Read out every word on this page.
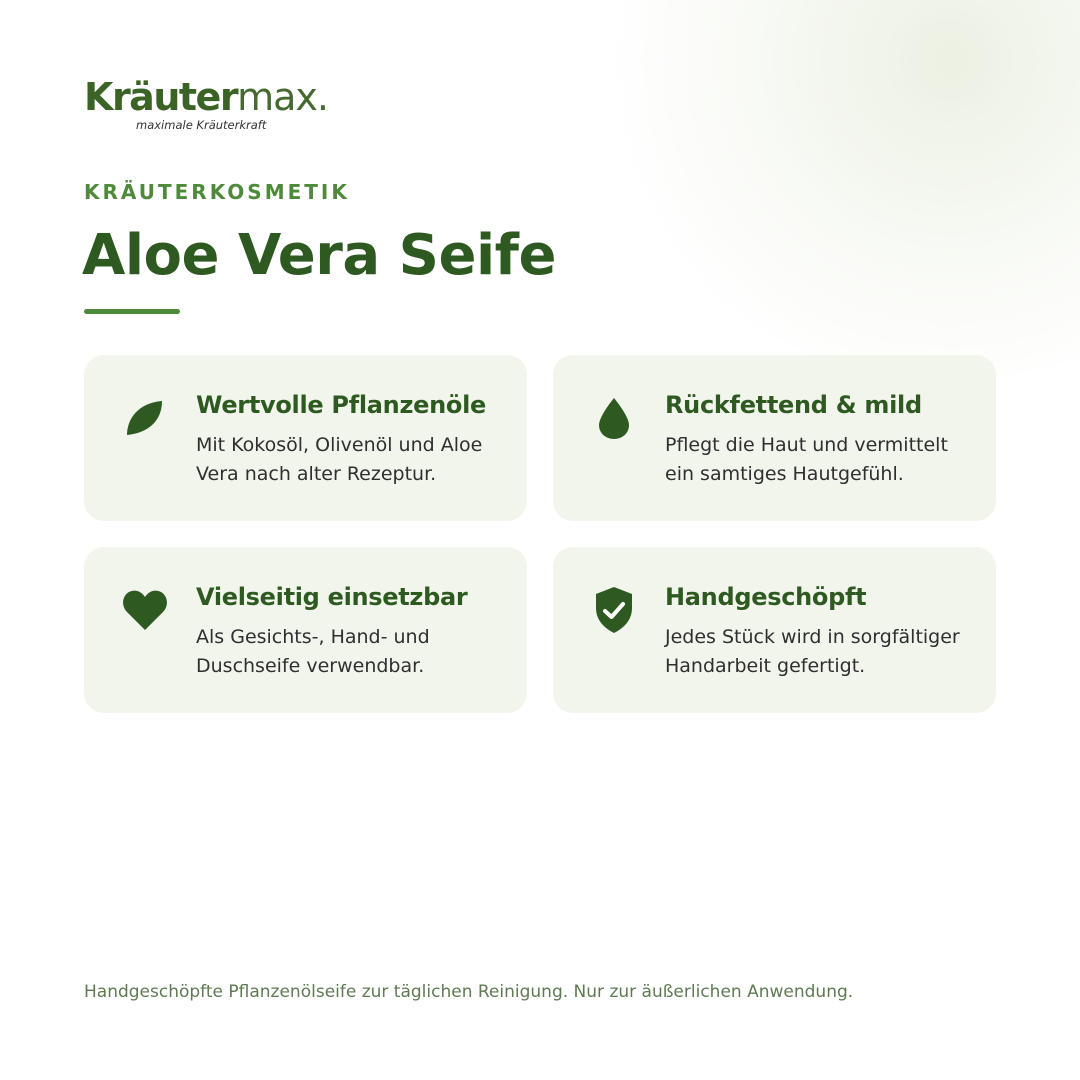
Kräutermax.
maximale Kräuterkraft
KRÄUTERKOSMETIK
Aloe Vera Seife
Wertvolle Pflanzenöle

Mit Kokosöl, Olivenöl und Aloe Vera nach alter Rezeptur.

Rückfettend & mild

Pflegt die Haut und vermittelt ein samtiges Hautgefühl.

Vielseitig einsetzbar

Als Gesichts-, Hand- und Duschseife verwendbar.

Handgeschöpft

Jedes Stück wird in sorgfältiger Handarbeit gefertigt.

Handgeschöpfte Pflanzenölseife zur täglichen Reinigung. Nur zur äußerlichen Anwendung.
